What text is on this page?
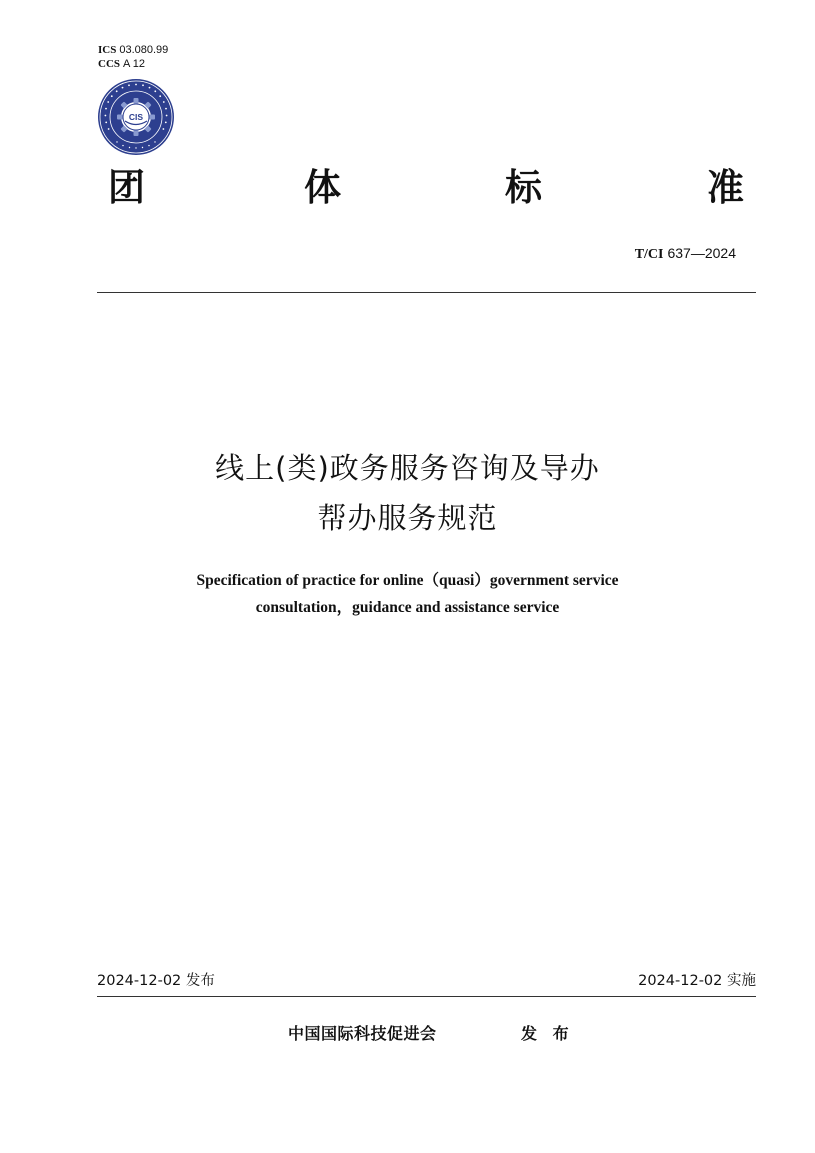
ICS 03.080.99
CCS A 12
CIS
团	体	标	准
T/CI 637—2024
线上(类)政务服务咨询及导办
帮办服务规范
Specification of practice for online（quasi）government service
consultation，guidance and assistance service
2024-12-02 发布	2024-12-02 实施
中国国际科技促进会	发 布
